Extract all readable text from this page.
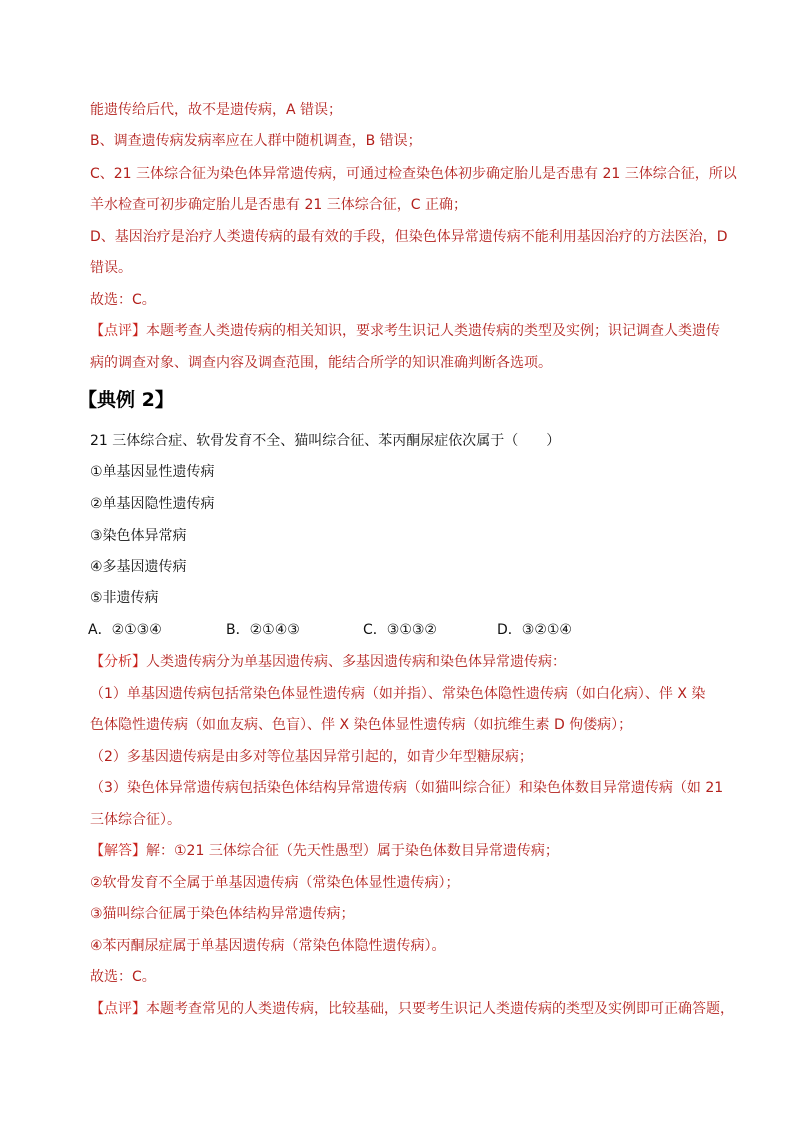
能遗传给后代，故不是遗传病，A 错误；
B、调查遗传病发病率应在人群中随机调查，B 错误；
C、21 三体综合征为染色体异常遗传病，可通过检查染色体初步确定胎儿是否患有 21 三体综合征，所以
羊水检查可初步确定胎儿是否患有 21 三体综合征，C 正确；
D、基因治疗是治疗人类遗传病的最有效的手段，但染色体异常遗传病不能利用基因治疗的方法医治，D
错误。
故选：C。
【点评】本题考查人类遗传病的相关知识，要求考生识记人类遗传病的类型及实例；识记调查人类遗传
病的调查对象、调查内容及调查范围，能结合所学的知识准确判断各选项。
【典例 2】
21 三体综合症、软骨发育不全、猫叫综合征、苯丙酮尿症依次属于（　　）
①单基因显性遗传病
②单基因隐性遗传病
③染色体异常病
④多基因遗传病
⑤非遗传病
A．②①③④	B．②①④③	C．③①③②	D．③②①④
【分析】人类遗传病分为单基因遗传病、多基因遗传病和染色体异常遗传病：
（1）单基因遗传病包括常染色体显性遗传病（如并指）、常染色体隐性遗传病（如白化病）、伴 X 染
色体隐性遗传病（如血友病、色盲）、伴 X 染色体显性遗传病（如抗维生素 D 佝偻病）；
（2）多基因遗传病是由多对等位基因异常引起的，如青少年型糖尿病；
（3）染色体异常遗传病包括染色体结构异常遗传病（如猫叫综合征）和染色体数目异常遗传病（如 21
三体综合征）。
【解答】解：①21 三体综合征（先天性愚型）属于染色体数目异常遗传病；
②软骨发育不全属于单基因遗传病（常染色体显性遗传病）；
③猫叫综合征属于染色体结构异常遗传病；
④苯丙酮尿症属于单基因遗传病（常染色体隐性遗传病）。
故选：C。
【点评】本题考查常见的人类遗传病，比较基础，只要考生识记人类遗传病的类型及实例即可正确答题，
